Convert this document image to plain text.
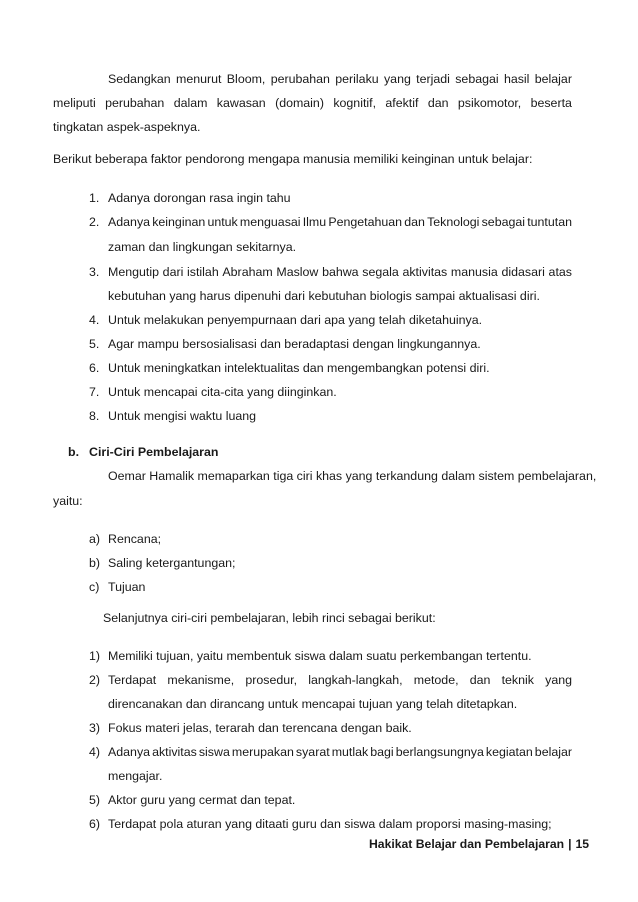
Sedangkan menurut Bloom, perubahan perilaku yang terjadi sebagai hasil belajar
meliputi perubahan dalam kawasan (domain) kognitif, afektif dan psikomotor, beserta
tingkatan aspek-aspeknya.
Berikut beberapa faktor pendorong mengapa manusia memiliki keinginan untuk belajar:
1. Adanya dorongan rasa ingin tahu
2. Adanya keinginan untuk menguasai Ilmu Pengetahuan dan Teknologi sebagai tuntutan
zaman dan lingkungan sekitarnya.
3. Mengutip dari istilah Abraham Maslow bahwa segala aktivitas manusia didasari atas
kebutuhan yang harus dipenuhi dari kebutuhan biologis sampai aktualisasi diri.
4. Untuk melakukan penyempurnaan dari apa yang telah diketahuinya.
5. Agar mampu bersosialisasi dan beradaptasi dengan lingkungannya.
6. Untuk meningkatkan intelektualitas dan mengembangkan potensi diri.
7. Untuk mencapai cita-cita yang diinginkan.
8. Untuk mengisi waktu luang
b. Ciri-Ciri Pembelajaran
Oemar Hamalik memaparkan tiga ciri khas yang terkandung dalam sistem pembelajaran,
yaitu:
a) Rencana;
b) Saling ketergantungan;
c) Tujuan
Selanjutnya ciri-ciri pembelajaran, lebih rinci sebagai berikut:
1) Memiliki tujuan, yaitu membentuk siswa dalam suatu perkembangan tertentu.
2) Terdapat mekanisme, prosedur, langkah-langkah, metode, dan teknik yang
direncanakan dan dirancang untuk mencapai tujuan yang telah ditetapkan.
3) Fokus materi jelas, terarah dan terencana dengan baik.
4) Adanya aktivitas siswa merupakan syarat mutlak bagi berlangsungnya kegiatan belajar
mengajar.
5) Aktor guru yang cermat dan tepat.
6) Terdapat pola aturan yang ditaati guru dan siswa dalam proporsi masing-masing;
Hakikat Belajar dan Pembelajaran | 15
